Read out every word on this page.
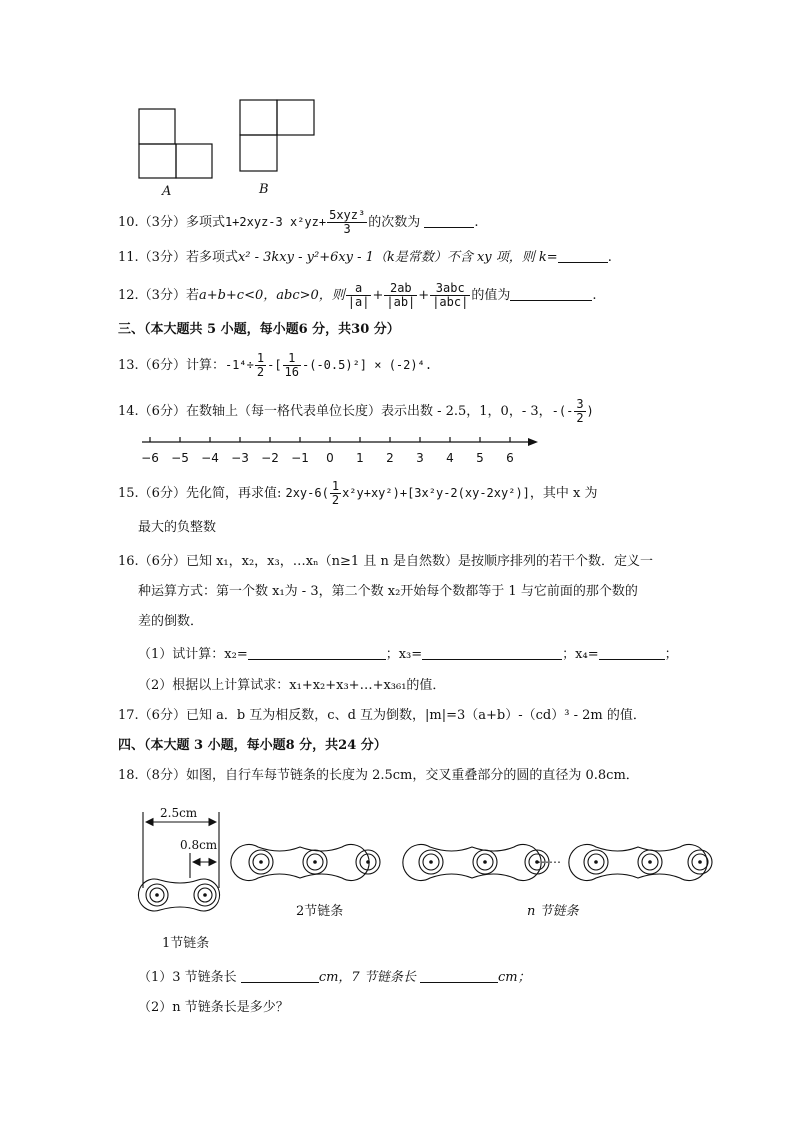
A	B
10.（3分）多项式1+2xyz-3 $x^2yz+ \frac{\text{5xyz³}}{3}$ 的次数为	.
11.（3分）若多项式x² - 3kxy - y²+6xy - 1（k是常数）不含 xy 项，则 k=	.
12.（3分）若a+b+c<0，abc>0，则 $\frac{a}{|a|} + \frac{2ab}{|ab|} + \frac{\text{3abc}}{\text{|abc|}}$ 的值为	.
三、（本大题共 5 小题，每小题6 分，共30 分）
13.（6分）计算：$-1^4\div \frac{1}{2}$ -[ $\frac{1}{16} -(-0.5)^2] \times (-2)^4$.
14.（6分）在数轴上（每一格代表单位长度）表示出数 - 2.5，1，0，- 3，-(- $\frac{3}{2}$ )
−6 −5 −4 −3 −2 −1 0 1 2 3 4 5 6
15.（6分）先化简，再求值: $2xy-6( \frac{1}{2} x^2y+xy^2)+[3x^2y-2(xy-2xy^2)]$，其中 x 为
最大的负整数
16.（6分）已知 x₁，x₂，x₃，…xₙ（n≥1 且 n 是自然数）是按顺序排列的若干个数．定义一
种运算方式：第一个数 x₁为 - 3，第二个数 x₂开始每个数都等于 1 与它前面的那个数的
差的倒数．
（1）试计算：x₂=	；x₃=	；x₄=	；
（2）根据以上计算试求：x₁+x₂+x₃+…+x₃₆₁的值．
17.（6分）已知 a．b 互为相反数，c、d 互为倒数，|m|=3（a+b）-（cd）³ - 2m 的值．
四、（本大题 3 小题，每小题8 分，共24 分）
18.（8分）如图，自行车每节链条的长度为 2.5cm，交叉重叠部分的圆的直径为 0.8cm．
2.5cm
0.8cm
……
2节链条	n 节链条
1节链条
（1）3 节链条长	cm，7 节链条长	cm；
（2）n 节链条长是多少？
